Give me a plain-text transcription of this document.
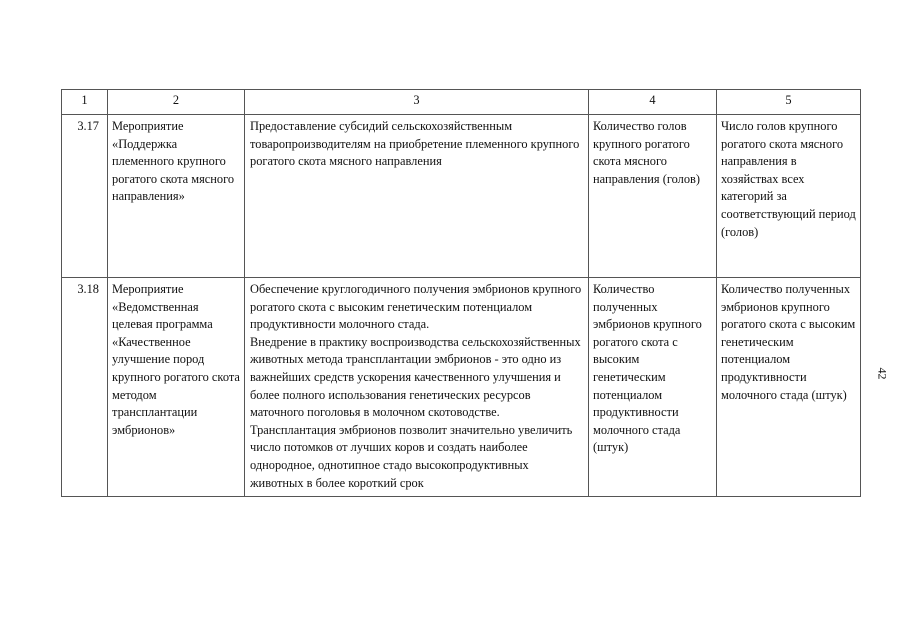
1	2	3	4	5
3.17	Мероприятие «Поддержка племенного крупного рогатого скота мясного направления»	Предоставление субсидий сельскохозяйственным товаропроизводителям на приобретение племенного крупного рогатого скота мясного направления	Количество голов крупного рогатого скота мясного направления (голов)	Число голов крупного рогатого скота мясного направления в хозяйствах всех категорий за соответствующий период (голов)
3.18	Мероприятие «Ведомственная целевая программа «Качественное улучшение пород крупного рогатого скота методом трансплантации эмбрионов»	Обеспечение круглогодичного получения эмбрионов крупного рогатого скота с высоким генетическим потенциалом продуктивности молочного стада.

Внедрение в практику воспроизводства сельскохозяйственных животных метода трансплантации эмбрионов - это одно из важнейших средств ускорения качественного улучшения и более полного использования генетических ресурсов маточного поголовья в молочном скотоводстве.

Трансплантация эмбрионов позволит значительно увеличить число потомков от лучших коров и создать наиболее однородное, однотипное стадо высокопродуктивных животных в более короткий срок	Количество полученных эмбрионов крупного рогатого скота с высоким генетическим потенциалом продуктивности молочного стада (штук)	Количество полученных эмбрионов крупного рогатого скота с высоким генетическим потенциалом продуктивности молочного стада (штук)
42
